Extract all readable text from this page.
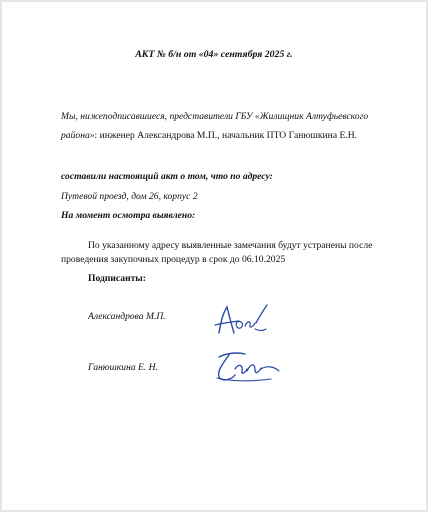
АКТ № б/н от «04» сентября 2025 г.
Мы, нижеподписавшиеся, представители ГБУ «Жилищник Алтуфьевского
района»: инженер Александрова М.П., начальник ПТО Ганюшкина Е.Н.
составили настоящий акт о том, что по адресу:
Путевой проезд, дом 26, корпус 2
На момент осмотра выявлено:
По указанному адресу выявленные замечания будут устранены после
проведения закупочных процедур в срок до 06.10.2025
Подписанты:
Александрова М.П.
Ганюшкина Е. Н.
